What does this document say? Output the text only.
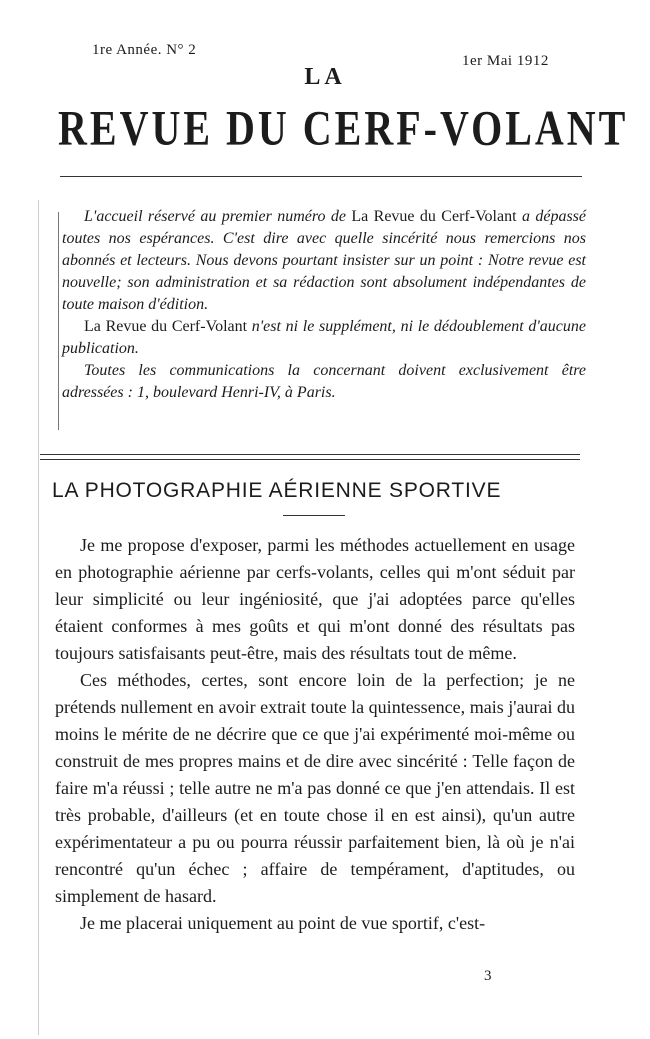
1re Année. N° 2
1er Mai 1912
LA
REVUE DU CERF-VOLANT

L'accueil réservé au premier numéro de La Revue du Cerf-Volant a dépassé toutes nos espérances. C'est dire avec quelle sincérité nous remercions nos abonnés et lecteurs. Nous devons pourtant insister sur un point : Notre revue est nouvelle; son administration et sa rédaction sont absolument indépendantes de toute maison d'édition.

La Revue du Cerf-Volant n'est ni le supplément, ni le dédoublement d'aucune publication.

Toutes les communications la concernant doivent exclusivement être adressées : 1, boulevard Henri-IV, à Paris.

LA PHOTOGRAPHIE AÉRIENNE SPORTIVE

Je me propose d'exposer, parmi les méthodes actuellement en usage en photographie aérienne par cerfs-volants, celles qui m'ont séduit par leur simplicité ou leur ingéniosité, que j'ai adoptées parce qu'elles étaient conformes à mes goûts et qui m'ont donné des résultats pas toujours satisfaisants peut-être, mais des résultats tout de même.

Ces méthodes, certes, sont encore loin de la perfection; je ne prétends nullement en avoir extrait toute la quintessence, mais j'aurai du moins le mérite de ne décrire que ce que j'ai expérimenté moi-même ou construit de mes propres mains et de dire avec sincérité : Telle façon de faire m'a réussi ; telle autre ne m'a pas donné ce que j'en attendais. Il est très probable, d'ailleurs (et en toute chose il en est ainsi), qu'un autre expérimentateur a pu ou pourra réussir parfaitement bien, là où je n'ai rencontré qu'un échec ; affaire de tempérament, d'aptitudes, ou simplement de hasard.

Je me placerai uniquement au point de vue sportif, c'est-

3
